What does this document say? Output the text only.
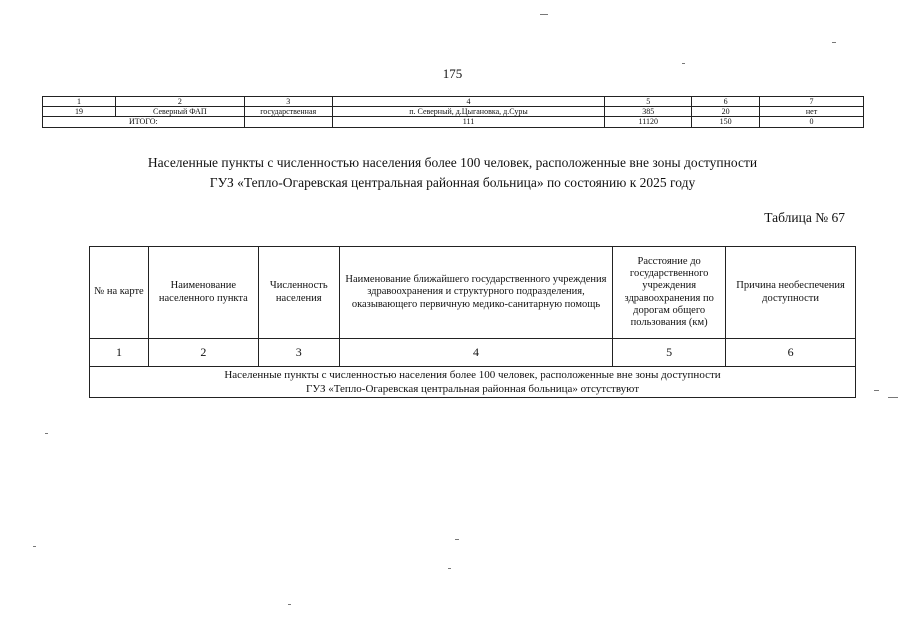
175
1	2	3	4	5	6	7
19	Северный ФАП	государственная	п. Северный, д.Цыгановка, д.Суры	385	20	нет
ИТОГО:			111	11120	150	0
Населенные пункты с численностью населения более 100 человек, расположенные вне зоны доступности
ГУЗ «Тепло-Огаревская центральная районная больница» по состоянию к 2025 году
Таблица № 67
№ на карте	Наименование населенного пункта	Численность населения	Наименование ближайшего государственного учреждения здравоохранения и структурного подразделения, оказывающего первичную медико-санитарную помощь	Расстояние до государственного учреждения здравоохранения по дорогам общего пользования (км)	Причина необеспечения доступности
1	2	3	4	5	6

Населенные пункты с численностью населения более 100 человек, расположенные вне зоны доступности
ГУЗ «Тепло-Огаревская центральная районная больница» отсутствуют					
